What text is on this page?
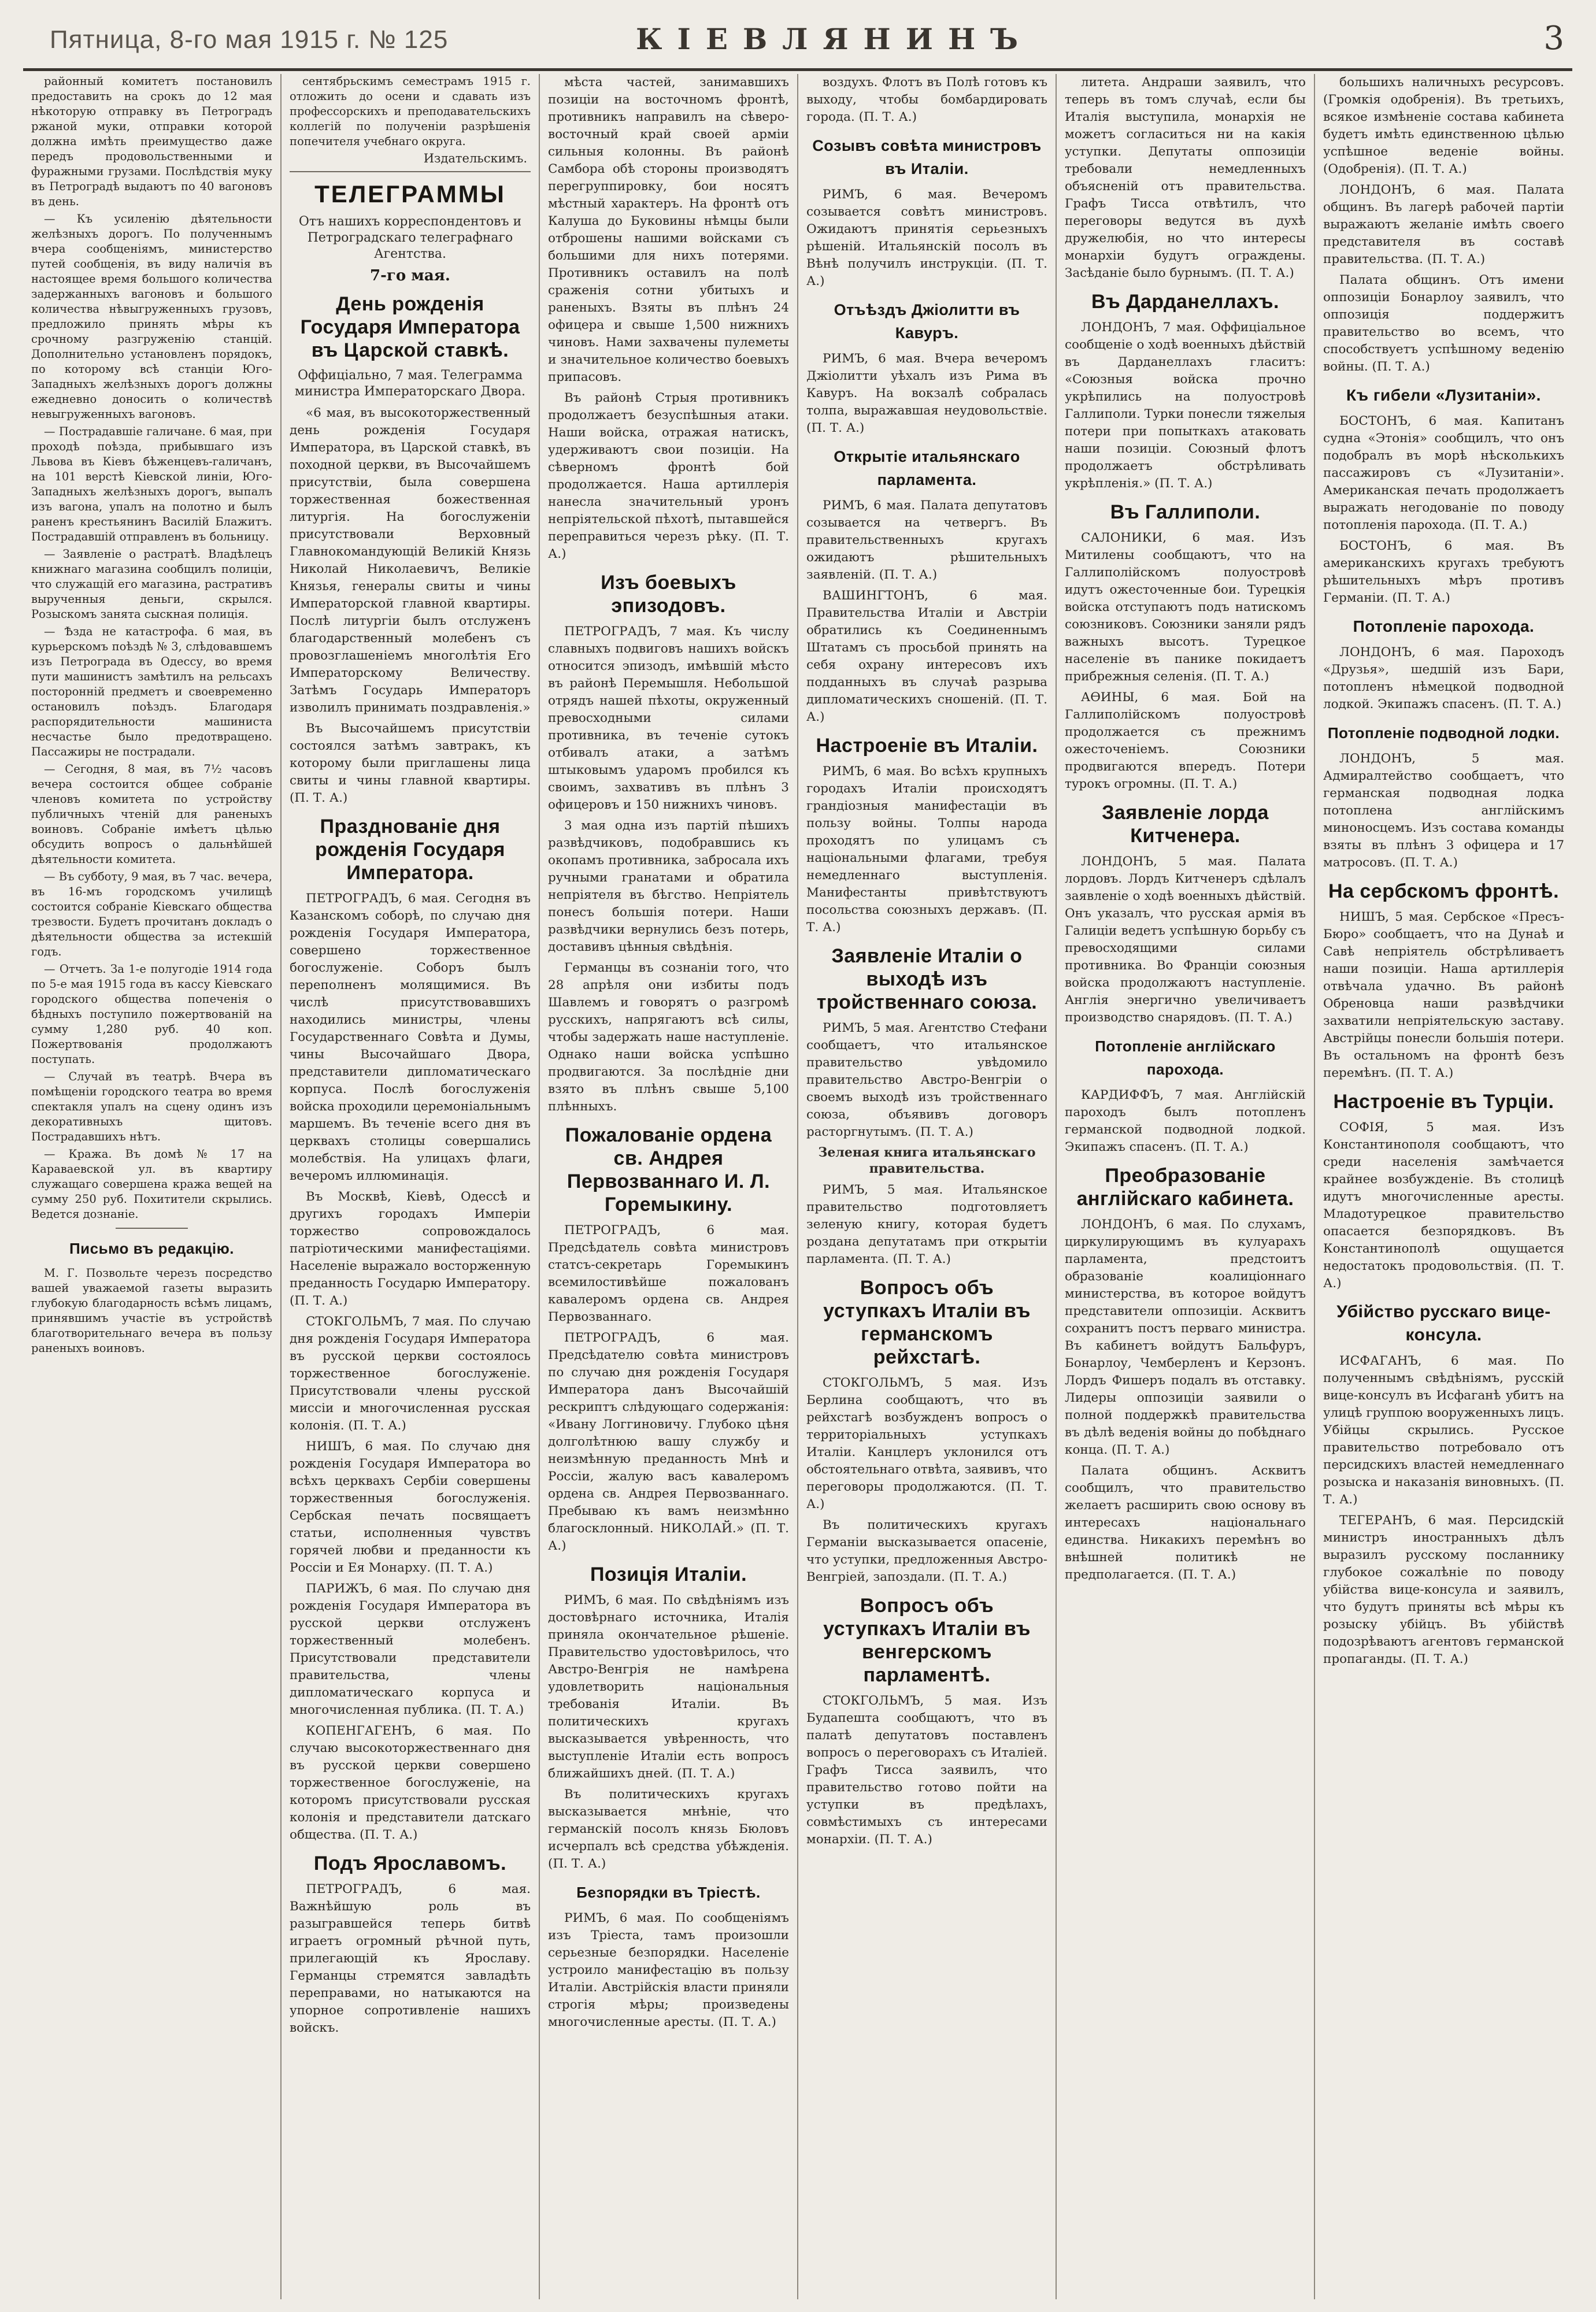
Пятница, 8-го мая 1915 г. № 125	КІЕВЛЯНИНЪ	3

районный комитетъ постановилъ предоставить на срокъ до 12 мая нѣкоторую отправку въ Петроградъ ржаной муки, отправки которой должна имѣть преимущество даже передъ продовольственными и фуражными грузами. Послѣдствія муку въ Петроградѣ выдаютъ по 40 вагоновъ въ день.

— Къ усиленію дѣятельности желѣзныхъ дорогъ. По полученнымъ вчера сообщеніямъ, министерство путей сообщенія, въ виду наличія въ настоящее время большого количества задержанныхъ вагоновъ и большого количества нѣвыгруженныхъ грузовъ, предложило принять мѣры къ срочному разгруженію станцій. Дополнительно установленъ порядокъ, по которому всѣ станціи Юго-Западныхъ желѣзныхъ дорогъ должны ежедневно доносить о количествѣ невыгруженныхъ вагоновъ.

— Пострадавшіе галичане. 6 мая, при проходѣ поѣзда, прибывшаго изъ Львова въ Кіевъ бѣженцевъ-галичанъ, на 101 верстѣ Кіевской линіи, Юго-Западныхъ желѣзныхъ дорогъ, выпалъ изъ вагона, упалъ на полотно и былъ раненъ крестьянинъ Василій Блажитъ. Пострадавшій отправленъ въ больницу.

— Заявленіе о растратѣ. Владѣлецъ книжнаго магазина сообщилъ полиціи, что служащій его магазина, растративъ вырученныя деньги, скрылся. Розыскомъ занята сыскная полиція.

— Ѣзда не катастрофа. 6 мая, въ курьерскомъ поѣздѣ № 3, слѣдовавшемъ изъ Петрограда въ Одессу, во время пути машинистъ замѣтилъ на рельсахъ посторонній предметъ и своевременно остановилъ поѣздъ. Благодаря распорядительности машиниста несчастье было предотвращено. Пассажиры не пострадали.

— Сегодня, 8 мая, въ 7½ часовъ вечера состоится общее собраніе членовъ комитета по устройству публичныхъ чтеній для раненыхъ воиновъ. Собраніе имѣетъ цѣлью обсудить вопросъ о дальнѣйшей дѣятельности комитета.

— Въ субботу, 9 мая, въ 7 час. вечера, въ 16-мъ городскомъ училищѣ состоится собраніе Кіевскаго общества трезвости. Будетъ прочитанъ докладъ о дѣятельности общества за истекшій годъ.

— Отчетъ. За 1-е полугодіе 1914 года по 5-е мая 1915 года въ кассу Кіевскаго городского общества попеченія о бѣдныхъ поступило пожертвованій на сумму 1,280 руб. 40 коп. Пожертвованія продолжаютъ поступать.

— Случай въ театрѣ. Вчера въ помѣщеніи городского театра во время спектакля упалъ на сцену одинъ изъ декоративныхъ щитовъ. Пострадавшихъ нѣтъ.

— Кража. Въ домѣ № 17 на Караваевской ул. въ квартиру служащаго совершена кража вещей на сумму 250 руб. Похитители скрылись. Ведется дознаніе.

Письмо въ редакцію.

М. Г. Позвольте черезъ посредство вашей уважаемой газеты выразить глубокую благодарность всѣмъ лицамъ, принявшимъ участіе въ устройствѣ благотворительнаго вечера въ пользу раненыхъ воиновъ.

сентябрьскимъ семестрамъ 1915 г. отложить до осени и сдавать изъ профессорскихъ и преподавательскихъ коллегій по полученіи разрѣшенія попечителя учебнаго округа.

Издательскимъ.
ТЕЛЕГРАММЫ
Отъ нашихъ корреспондентовъ и Петроградскаго телеграфнаго Агентства.
7-го мая.
День рожденія Государя Императора въ Царской ставкѣ.
Оффиціально, 7 мая. Телеграмма министра Императорскаго Двора.

«6 мая, въ высокоторжественный день рожденія Государя Императора, въ Царской ставкѣ, въ походной церкви, въ Высочайшемъ присутствіи, была совершена торжественная божественная литургія. На богослуженіи присутствовали Верховный Главнокомандующій Великій Князь Николай Николаевичъ, Великіе Князья, генералы свиты и чины Императорской главной квартиры. Послѣ литургіи былъ отслуженъ благодарственный молебенъ съ провозглашеніемъ многолѣтія Его Императорскому Величеству. Затѣмъ Государь Императоръ изволилъ принимать поздравленія.»

Въ Высочайшемъ присутствіи состоялся затѣмъ завтракъ, къ которому были приглашены лица свиты и чины главной квартиры. (П. Т. А.)

Празднованіе дня рожденія Государя Императора.

ПЕТРОГРАДЪ, 6 мая. Сегодня въ Казанскомъ соборѣ, по случаю дня рожденія Государя Императора, совершено торжественное богослуженіе. Соборъ былъ переполненъ молящимися. Въ числѣ присутствовавшихъ находились министры, члены Государственнаго Совѣта и Думы, чины Высочайшаго Двора, представители дипломатическаго корпуса. Послѣ богослуженія войска проходили церемоніальнымъ маршемъ. Въ теченіе всего дня въ церквахъ столицы совершались молебствія. На улицахъ флаги, вечеромъ иллюминація.

Въ Москвѣ, Кіевѣ, Одессѣ и другихъ городахъ Имперіи торжество сопровождалось патріотическими манифестаціями. Населеніе выражало восторженную преданность Государю Императору. (П. Т. А.)

СТОКГОЛЬМЪ, 7 мая. По случаю дня рожденія Государя Императора въ русской церкви состоялось торжественное богослуженіе. Присутствовали члены русской миссіи и многочисленная русская колонія. (П. Т. А.)

НИШЪ, 6 мая. По случаю дня рожденія Государя Императора во всѣхъ церквахъ Сербіи совершены торжественныя богослуженія. Сербская печать посвящаетъ статьи, исполненныя чувствъ горячей любви и преданности къ Россіи и Ея Монарху. (П. Т. А.)

ПАРИЖЪ, 6 мая. По случаю дня рожденія Государя Императора въ русской церкви отслуженъ торжественный молебенъ. Присутствовали представители правительства, члены дипломатическаго корпуса и многочисленная публика. (П. Т. А.)

КОПЕНГАГЕНЪ, 6 мая. По случаю высокоторжественнаго дня въ русской церкви совершено торжественное богослуженіе, на которомъ присутствовали русская колонія и представители датскаго общества. (П. Т. А.)

Подъ Ярославомъ.

ПЕТРОГРАДЪ, 6 мая. Важнѣйшую роль въ разыгравшейся теперь битвѣ играетъ огромный рѣчной путь, прилегающій къ Ярославу. Германцы стремятся завладѣть переправами, но натыкаются на упорное сопротивленіе нашихъ войскъ.

мѣста частей, занимавшихъ позиціи на восточномъ фронтѣ, противникъ направилъ на сѣверо-восточный край своей арміи сильныя колонны. Въ районѣ Самбора обѣ стороны производятъ перегруппировку, бои носятъ мѣстный характеръ. На фронтѣ отъ Калуша до Буковины нѣмцы были отброшены нашими войсками съ большими для нихъ потерями. Противникъ оставилъ на полѣ сраженія сотни убитыхъ и раненыхъ. Взяты въ плѣнъ 24 офицера и свыше 1,500 нижнихъ чиновъ. Нами захвачены пулеметы и значительное количество боевыхъ припасовъ.

Въ районѣ Стрыя противникъ продолжаетъ безуспѣшныя атаки. Наши войска, отражая натискъ, удерживаютъ свои позиціи. На сѣверномъ фронтѣ бой продолжается. Наша артиллерія нанесла значительный уронъ непріятельской пѣхотѣ, пытавшейся переправиться черезъ рѣку. (П. Т. А.)

Изъ боевыхъ эпизодовъ.

ПЕТРОГРАДЪ, 7 мая. Къ числу славныхъ подвиговъ нашихъ войскъ относится эпизодъ, имѣвшій мѣсто въ районѣ Перемышля. Небольшой отрядъ нашей пѣхоты, окруженный превосходными силами противника, въ теченіе сутокъ отбивалъ атаки, а затѣмъ штыковымъ ударомъ пробился къ своимъ, захвативъ въ плѣнъ 3 офицеровъ и 150 нижнихъ чиновъ.

3 мая одна изъ партій пѣшихъ развѣдчиковъ, подобравшись къ окопамъ противника, забросала ихъ ручными гранатами и обратила непріятеля въ бѣгство. Непріятель понесъ большія потери. Наши развѣдчики вернулись безъ потерь, доставивъ цѣнныя свѣдѣнія.

Германцы въ сознаніи того, что 28 апрѣля они избиты подъ Шавлемъ и говорятъ о разгромѣ русскихъ, напрягаютъ всѣ силы, чтобы задержать наше наступленіе. Однако наши войска успѣшно продвигаются. За послѣдніе дни взято въ плѣнъ свыше 5,100 плѣнныхъ.

Пожалованіе ордена св. Андрея Первозваннаго И. Л. Горемыкину.

ПЕТРОГРАДЪ, 6 мая. Предсѣдатель совѣта министровъ статсъ-секретарь Горемыкинъ всемилостивѣйше пожалованъ кавалеромъ ордена св. Андрея Первозваннаго.

ПЕТРОГРАДЪ, 6 мая. Предсѣдателю совѣта министровъ по случаю дня рожденія Государя Императора данъ Высочайшій рескриптъ слѣдующаго содержанія: «Ивану Логгиновичу. Глубоко цѣня долголѣтнюю вашу службу и неизмѣнную преданность Мнѣ и Россіи, жалую васъ кавалеромъ ордена св. Андрея Первозваннаго. Пребываю къ вамъ неизмѣнно благосклонный. НИКОЛАЙ.» (П. Т. А.)

Позиція Италіи.

РИМЪ, 6 мая. По свѣдѣніямъ изъ достовѣрнаго источника, Италія приняла окончательное рѣшеніе. Правительство удостовѣрилось, что Австро-Венгрія не намѣрена удовлетворить національныя требованія Италіи. Въ политическихъ кругахъ высказывается увѣренность, что выступленіе Италіи есть вопросъ ближайшихъ дней. (П. Т. А.)

Въ политическихъ кругахъ высказывается мнѣніе, что германскій посолъ князь Бюловъ исчерпалъ всѣ средства убѣжденія. (П. Т. А.)

Безпорядки въ Тріестѣ.

РИМЪ, 6 мая. По сообщеніямъ изъ Тріеста, тамъ произошли серьезные безпорядки. Населеніе устроило манифестацію въ пользу Италіи. Австрійскія власти приняли строгія мѣры; произведены многочисленные аресты. (П. Т. А.)

воздухъ. Флотъ въ Полѣ готовъ къ выходу, чтобы бомбардировать города. (П. Т. А.)

Созывъ совѣта министровъ въ Италіи.

РИМЪ, 6 мая. Вечеромъ созывается совѣтъ министровъ. Ожидаютъ принятія серьезныхъ рѣшеній. Итальянскій посолъ въ Вѣнѣ получилъ инструкціи. (П. Т. А.)

Отъѣздъ Джіолитти въ Кавуръ.

РИМЪ, 6 мая. Вчера вечеромъ Джіолитти уѣхалъ изъ Рима въ Кавуръ. На вокзалѣ собралась толпа, выражавшая неудовольствіе. (П. Т. А.)

Открытіе итальянскаго парламента.

РИМЪ, 6 мая. Палата депутатовъ созывается на четвергъ. Въ правительственныхъ кругахъ ожидаютъ рѣшительныхъ заявленій. (П. Т. А.)

ВАШИНГТОНЪ, 6 мая. Правительства Италіи и Австріи обратились къ Соединеннымъ Штатамъ съ просьбой принять на себя охрану интересовъ ихъ подданныхъ въ случаѣ разрыва дипломатическихъ сношеній. (П. Т. А.)

Настроеніе въ Италіи.

РИМЪ, 6 мая. Во всѣхъ крупныхъ городахъ Италіи происходятъ грандіозныя манифестаціи въ пользу войны. Толпы народа проходятъ по улицамъ съ національными флагами, требуя немедленнаго выступленія. Манифестанты привѣтствуютъ посольства союзныхъ державъ. (П. Т. А.)

Заявленіе Италіи о выходѣ изъ тройственнаго союза.

РИМЪ, 5 мая. Агентство Стефани сообщаетъ, что итальянское правительство увѣдомило правительство Австро-Венгріи о своемъ выходѣ изъ тройственнаго союза, объявивъ договоръ расторгнутымъ. (П. Т. А.)

Зеленая книга итальянскаго правительства.

РИМЪ, 5 мая. Итальянское правительство подготовляетъ зеленую книгу, которая будетъ роздана депутатамъ при открытіи парламента. (П. Т. А.)

Вопросъ объ уступкахъ Италіи въ германскомъ рейхстагѣ.

СТОКГОЛЬМЪ, 5 мая. Изъ Берлина сообщаютъ, что въ рейхстагѣ возбужденъ вопросъ о территоріальныхъ уступкахъ Италіи. Канцлеръ уклонился отъ обстоятельнаго отвѣта, заявивъ, что переговоры продолжаются. (П. Т. А.)

Въ политическихъ кругахъ Германіи высказывается опасеніе, что уступки, предложенныя Австро-Венгріей, запоздали. (П. Т. А.)

Вопросъ объ уступкахъ Италіи въ венгерскомъ парламентѣ.

СТОКГОЛЬМЪ, 5 мая. Изъ Будапешта сообщаютъ, что въ палатѣ депутатовъ поставленъ вопросъ о переговорахъ съ Италіей. Графъ Тисса заявилъ, что правительство готово пойти на уступки въ предѣлахъ, совмѣстимыхъ съ интересами монархіи. (П. Т. А.)

литета. Андраши заявилъ, что теперь въ томъ случаѣ, если бы Италія выступила, монархія не можетъ согласиться ни на какія уступки. Депутаты оппозиціи требовали немедленныхъ объясненій отъ правительства. Графъ Тисса отвѣтилъ, что переговоры ведутся въ духѣ дружелюбія, но что интересы монархіи будутъ ограждены. Засѣданіе было бурнымъ. (П. Т. А.)

Въ Дарданеллахъ.

ЛОНДОНЪ, 7 мая. Оффиціальное сообщеніе о ходѣ военныхъ дѣйствій въ Дарданеллахъ гласитъ: «Союзныя войска прочно укрѣпились на полуостровѣ Галлиполи. Турки понесли тяжелыя потери при попыткахъ атаковать наши позиціи. Союзный флотъ продолжаетъ обстрѣливать укрѣпленія.» (П. Т. А.)

Въ Галлиполи.

САЛОНИКИ, 6 мая. Изъ Митилены сообщаютъ, что на Галлиполійскомъ полуостровѣ идутъ ожесточенные бои. Турецкія войска отступаютъ подъ натискомъ союзниковъ. Союзники заняли рядъ важныхъ высотъ. Турецкое населеніе въ панике покидаетъ прибрежныя селенія. (П. Т. А.)

АѲИНЫ, 6 мая. Бой на Галлиполійскомъ полуостровѣ продолжается съ прежнимъ ожесточеніемъ. Союзники продвигаются впередъ. Потери турокъ огромны. (П. Т. А.)

Заявленіе лорда Китченера.

ЛОНДОНЪ, 5 мая. Палата лордовъ. Лордъ Китченеръ сдѣлалъ заявленіе о ходѣ военныхъ дѣйствій. Онъ указалъ, что русская армія въ Галиціи ведетъ успѣшную борьбу съ превосходящими силами противника. Во Франціи союзныя войска продолжаютъ наступленіе. Англія энергично увеличиваетъ производство снарядовъ. (П. Т. А.)

Потопленіе англійскаго парохода.

КАРДИФФЪ, 7 мая. Англійскій пароходъ былъ потопленъ германской подводной лодкой. Экипажъ спасенъ. (П. Т. А.)

Преобразованіе англійскаго кабинета.

ЛОНДОНЪ, 6 мая. По слухамъ, циркулирующимъ въ кулуарахъ парламента, предстоитъ образованіе коалиціоннаго министерства, въ которое войдутъ представители оппозиціи. Асквитъ сохранитъ постъ перваго министра. Въ кабинетъ войдутъ Бальфуръ, Бонарлоу, Чемберленъ и Керзонъ. Лордъ Фишеръ подалъ въ отставку. Лидеры оппозиціи заявили о полной поддержкѣ правительства въ дѣлѣ веденія войны до побѣднаго конца. (П. Т. А.)

Палата общинъ. Асквитъ сообщилъ, что правительство желаетъ расширить свою основу въ интересахъ національнаго единства. Никакихъ перемѣнъ во внѣшней политикѣ не предполагается. (П. Т. А.)

большихъ наличныхъ ресурсовъ. (Громкія одобренія). Въ третьихъ, всякое измѣненіе состава кабинета будетъ имѣть единственною цѣлью успѣшное веденіе войны. (Одобренія). (П. Т. А.)

ЛОНДОНЪ, 6 мая. Палата общинъ. Въ лагерѣ рабочей партіи выражаютъ желаніе имѣть своего представителя въ составѣ правительства. (П. Т. А.)

Палата общинъ. Отъ имени оппозиціи Бонарлоу заявилъ, что оппозиція поддержитъ правительство во всемъ, что способствуетъ успѣшному веденію войны. (П. Т. А.)

Къ гибели «Лузитаніи».

БОСТОНЪ, 6 мая. Капитанъ судна «Этонія» сообщилъ, что онъ подобралъ въ морѣ нѣсколькихъ пассажировъ съ «Лузитаніи». Американская печать продолжаетъ выражать негодованіе по поводу потопленія парохода. (П. Т. А.)

БОСТОНЪ, 6 мая. Въ американскихъ кругахъ требуютъ рѣшительныхъ мѣръ противъ Германіи. (П. Т. А.)

Потопленіе парохода.

ЛОНДОНЪ, 6 мая. Пароходъ «Друзья», шедшій изъ Бари, потопленъ нѣмецкой подводной лодкой. Экипажъ спасенъ. (П. Т. А.)

Потопленіе подводной лодки.

ЛОНДОНЪ, 5 мая. Адмиралтейство сообщаетъ, что германская подводная лодка потоплена англійскимъ миноносцемъ. Изъ состава команды взяты въ плѣнъ 3 офицера и 17 матросовъ. (П. Т. А.)

На сербскомъ фронтѣ.

НИШЪ, 5 мая. Сербское «Пресъ-Бюро» сообщаетъ, что на Дунаѣ и Савѣ непріятель обстрѣливаетъ наши позиціи. Наша артиллерія отвѣчала удачно. Въ районѣ Обреновца наши развѣдчики захватили непріятельскую заставу. Австрійцы понесли большія потери. Въ остальномъ на фронтѣ безъ перемѣнъ. (П. Т. А.)

Настроеніе въ Турціи.

СОФІЯ, 5 мая. Изъ Константинополя сообщаютъ, что среди населенія замѣчается крайнее возбужденіе. Въ столицѣ идутъ многочисленные аресты. Младотурецкое правительство опасается безпорядковъ. Въ Константинополѣ ощущается недостатокъ продовольствія. (П. Т. А.)

Убійство русскаго вице-консула.

ИСФАГАНЪ, 6 мая. По полученнымъ свѣдѣніямъ, русскій вице-консулъ въ Исфаганѣ убитъ на улицѣ группою вооруженныхъ лицъ. Убійцы скрылись. Русское правительство потребовало отъ персидскихъ властей немедленнаго розыска и наказанія виновныхъ. (П. Т. А.)

ТЕГЕРАНЪ, 6 мая. Персидскій министръ иностранныхъ дѣлъ выразилъ русскому посланнику глубокое сожалѣніе по поводу убійства вице-консула и заявилъ, что будутъ приняты всѣ мѣры къ розыску убійцъ. Въ убійствѣ подозрѣваютъ агентовъ германской пропаганды. (П. Т. А.)
